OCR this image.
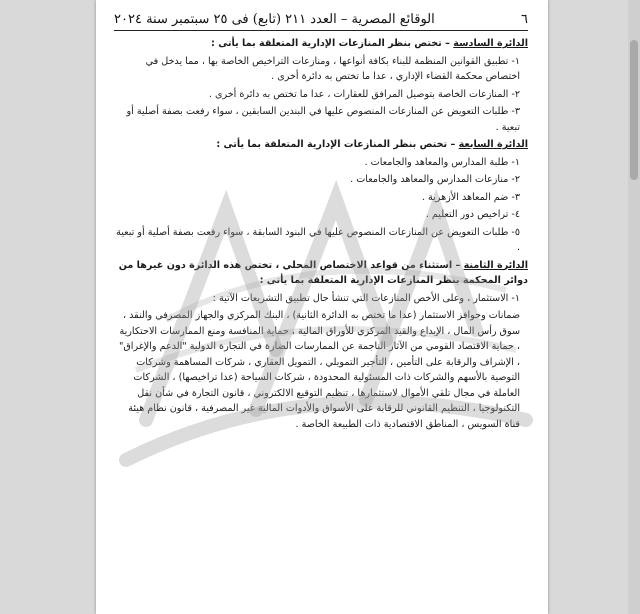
٦
الوقائع المصرية – العدد ٢١١ (تابع) فى ٢٥ سبتمبر سنة ٢٠٢٤

الدائرة السادسة – تختص بنظر المنازعات الإدارية المتعلقة بما يأتى :

١- تطبيق القوانين المنظمة للبناء بكافة أنواعها ، ومنازعات التراخيص الخاصة بها ، مما يدخل في اختصاص محكمة القضاء الإداري ، عدا ما تختص به دائرة أخرى .

٢- المنازعات الخاصة بتوصيل المرافق للعقارات ، عدا ما تختص به دائرة أخرى .

٣- طلبات التعويض عن المنازعات المنصوص عليها في البندين السابقين ، سواء رفعت بصفة أصلية أو تبعية .

الدائرة السابعة – تختص بنظر المنازعات الإدارية المتعلقة بما يأتى :

١- طلبة المدارس والمعاهد والجامعات .

٢- منازعات المدارس والمعاهد والجامعات .

٣- ضم المعاهد الأزهرية .

٤- تراخيص دور التعليم .

٥- طلبات التعويض عن المنازعات المنصوص عليها في البنود السابقة ، سواء رفعت بصفة أصلية أو تبعية .

الدائرة الثامنة – استثناء من قواعد الاختصاص المحلي ، تختص هذه الدائرة دون غيرها من دوائر المحكمة بنظر المنازعات الإدارية المتعلقة بما يأتى :

١- الاستثمار ، وعلى الأخص المنازعات التي تنشأ حال تطبيق التشريعات الآتية :

ضمانات وحوافز الاستثمار (عدا ما تختص به الدائرة الثانية) ، البنك المركزي والجهاز المصرفي والنقد ، سوق رأس المال ، الإيداع والقيد المركزي للأوراق المالية ، حماية المنافسة ومنع الممارسات الاحتكارية ، حماية الاقتصاد القومي من الآثار الناجمة عن الممارسات الضارة في التجارة الدولية "الدعم والإغراق" ، الإشراف والرقابة على التأمين ، التأجير التمويلي ، التمويل العقاري ، شركات المساهمة وشركات التوصية بالأسهم والشركات ذات المسئولية المحدودة ، شركات السياحة (عدا تراخيصها) ، الشركات العاملة في مجال تلقي الأموال لاستثمارها ، تنظيم التوقيع الالكتروني ، قانون التجارة في شأن نقل التكنولوجيا ، التنظيم القانوني للرقابة على الأسواق والأدوات المالية غير المصرفية ، قانون نظام هيئة قناة السويس ، المناطق الاقتصادية ذات الطبيعة الخاصة .
